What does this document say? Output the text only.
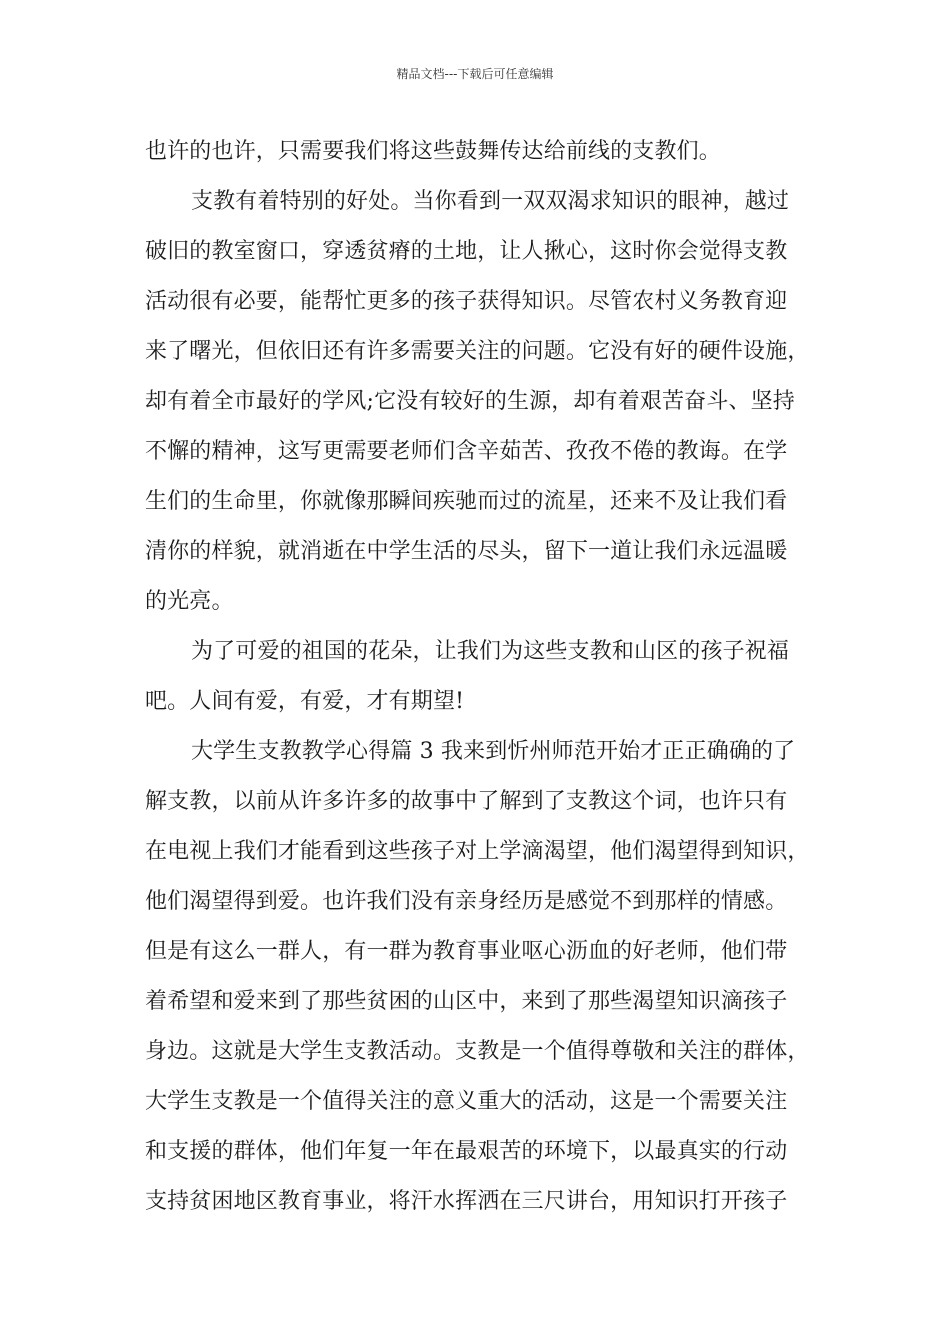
精品文档---下载后可任意编辑
也许的也许，只需要我们将这些鼓舞传达给前线的支教们。
支教有着特别的好处。当你看到一双双渴求知识的眼神，越过
破旧的教室窗口，穿透贫瘠的土地，让人揪心，这时你会觉得支教
活动很有必要，能帮忙更多的孩子获得知识。尽管农村义务教育迎
来了曙光，但依旧还有许多需要关注的问题。它没有好的硬件设施，
却有着全市最好的学风;它没有较好的生源，却有着艰苦奋斗、坚持
不懈的精神，这写更需要老师们含辛茹苦、孜孜不倦的教诲。在学
生们的生命里，你就像那瞬间疾驰而过的流星，还来不及让我们看
清你的样貌，就消逝在中学生活的尽头，留下一道让我们永远温暖
的光亮。
为了可爱的祖国的花朵，让我们为这些支教和山区的孩子祝福
吧。人间有爱，有爱，才有期望!
大学生支教教学心得篇 3 我来到忻州师范开始才正正确确的了
解支教，以前从许多许多的故事中了解到了支教这个词，也许只有
在电视上我们才能看到这些孩子对上学滴渴望，他们渴望得到知识，
他们渴望得到爱。也许我们没有亲身经历是感觉不到那样的情感。
但是有这么一群人，有一群为教育事业呕心沥血的好老师，他们带
着希望和爱来到了那些贫困的山区中，来到了那些渴望知识滴孩子
身边。这就是大学生支教活动。支教是一个值得尊敬和关注的群体，
大学生支教是一个值得关注的意义重大的活动，这是一个需要关注
和支援的群体，他们年复一年在最艰苦的环境下，以最真实的行动
支持贫困地区教育事业，将汗水挥洒在三尺讲台，用知识打开孩子
